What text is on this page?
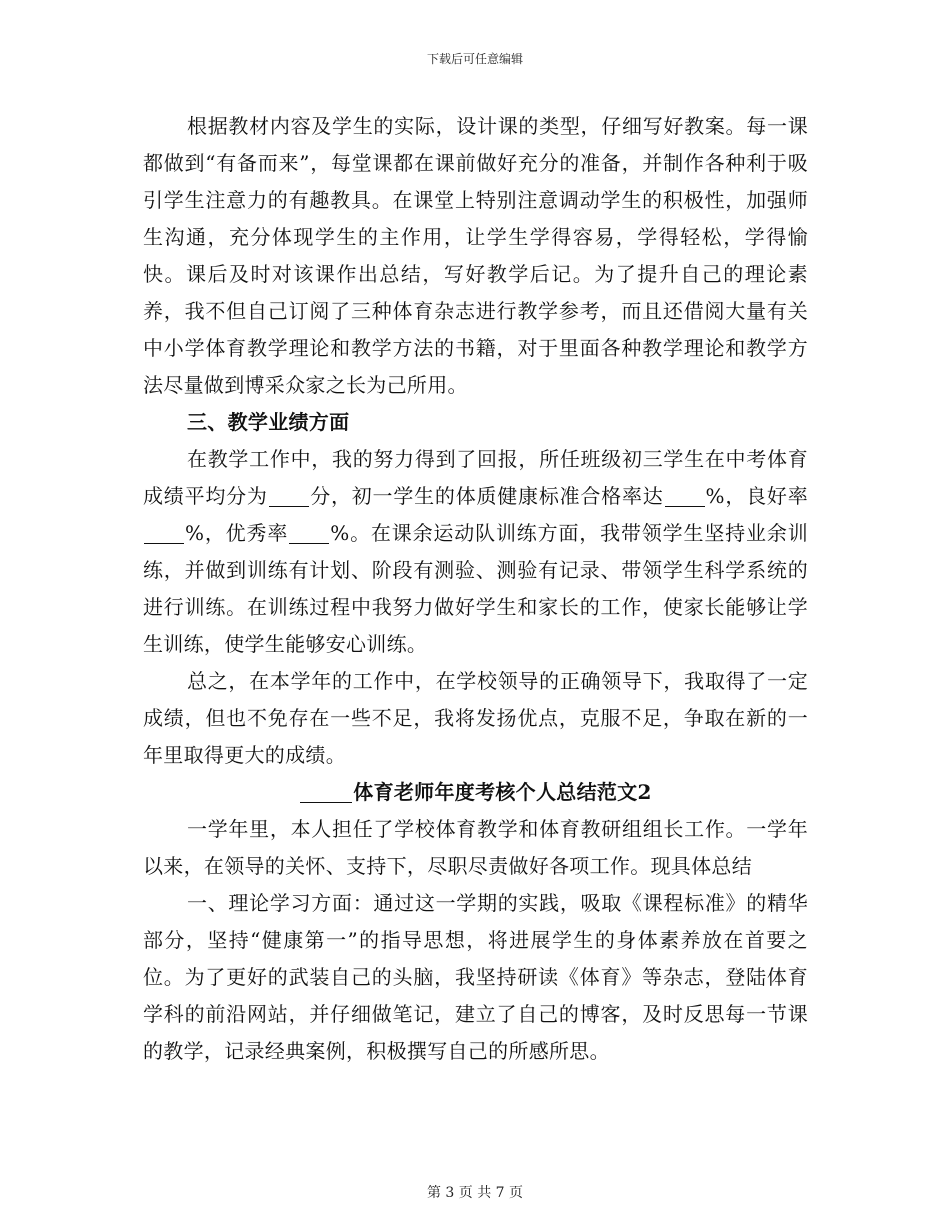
下载后可任意编辑

根据教材内容及学生的实际，设计课的类型，仔细写好教案。每一课都做到“有备而来”，每堂课都在课前做好充分的准备，并制作各种利于吸引学生注意力的有趣教具。在课堂上特别注意调动学生的积极性，加强师生沟通，充分体现学生的主作用，让学生学得容易，学得轻松，学得愉快。课后及时对该课作出总结，写好教学后记。为了提升自己的理论素养，我不但自己订阅了三种体育杂志进行教学参考，而且还借阅大量有关中小学体育教学理论和教学方法的书籍，对于里面各种教学理论和教学方法尽量做到博采众家之长为己所用。

三、教学业绩方面

在教学工作中，我的努力得到了回报，所任班级初三学生在中考体育成绩平均分为 分，初一学生的体质健康标准合格率达 %，良好率%，优秀率 %。在课余运动队训练方面，我带领学生坚持业余训练，并做到训练有计划、阶段有测验、测验有记录、带领学生科学系统的进行训练。在训练过程中我努力做好学生和家长的工作，使家长能够让学生训练，使学生能够安心训练。

总之，在本学年的工作中，在学校领导的正确领导下，我取得了一定成绩，但也不免存在一些不足，我将发扬优点，克服不足，争取在新的一年里取得更大的成绩。

体育老师年度考核个人总结范文2

一学年里，本人担任了学校体育教学和体育教研组组长工作。一学年以来，在领导的关怀、支持下，尽职尽责做好各项工作。现具体总结

一、理论学习方面：通过这一学期的实践，吸取《课程标准》的精华部分，坚持“健康第一”的指导思想，将进展学生的身体素养放在首要之位。为了更好的武装自己的头脑，我坚持研读《体育》等杂志，登陆体育学科的前沿网站，并仔细做笔记，建立了自己的博客，及时反思每一节课的教学，记录经典案例，积极撰写自己的所感所思。

第 3 页 共 7 页
